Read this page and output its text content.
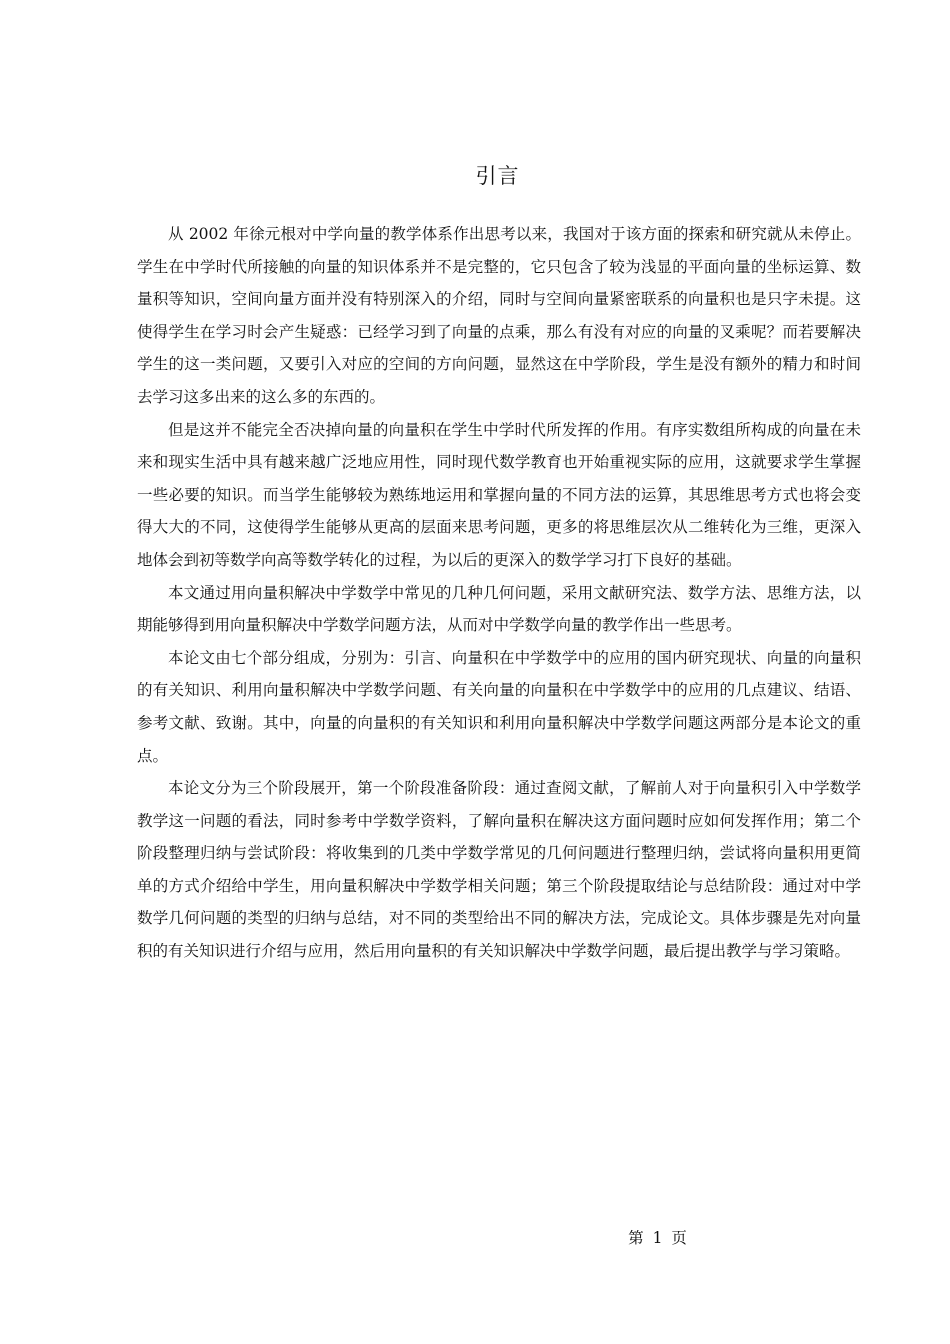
引言

从 2002 年徐元根对中学向量的教学体系作出思考以来，我国对于该方面的探索和研究就从未停止。学生在中学时代所接触的向量的知识体系并不是完整的，它只包含了较为浅显的平面向量的坐标运算、数量积等知识，空间向量方面并没有特别深入的介绍，同时与空间向量紧密联系的向量积也是只字未提。这使得学生在学习时会产生疑惑：已经学习到了向量的点乘，那么有没有对应的向量的叉乘呢？而若要解决学生的这一类问题，又要引入对应的空间的方向问题，显然这在中学阶段，学生是没有额外的精力和时间去学习这多出来的这么多的东西的。

但是这并不能完全否决掉向量的向量积在学生中学时代所发挥的作用。有序实数组所构成的向量在未来和现实生活中具有越来越广泛地应用性，同时现代数学教育也开始重视实际的应用，这就要求学生掌握一些必要的知识。而当学生能够较为熟练地运用和掌握向量的不同方法的运算，其思维思考方式也将会变得大大的不同，这使得学生能够从更高的层面来思考问题，更多的将思维层次从二维转化为三维，更深入地体会到初等数学向高等数学转化的过程，为以后的更深入的数学学习打下良好的基础。

本文通过用向量积解决中学数学中常见的几种几何问题，采用文献研究法、数学方法、思维方法，以期能够得到用向量积解决中学数学问题方法，从而对中学数学向量的教学作出一些思考。

本论文由七个部分组成，分别为：引言、向量积在中学数学中的应用的国内研究现状、向量的向量积的有关知识、利用向量积解决中学数学问题、有关向量的向量积在中学数学中的应用的几点建议、结语、参考文献、致谢。其中，向量的向量积的有关知识和利用向量积解决中学数学问题这两部分是本论文的重点。

本论文分为三个阶段展开，第一个阶段准备阶段：通过查阅文献，了解前人对于向量积引入中学数学教学这一问题的看法，同时参考中学数学资料，了解向量积在解决这方面问题时应如何发挥作用；第二个阶段整理归纳与尝试阶段：将收集到的几类中学数学常见的几何问题进行整理归纳，尝试将向量积用更简单的方式介绍给中学生，用向量积解决中学数学相关问题；第三个阶段提取结论与总结阶段：通过对中学数学几何问题的类型的归纳与总结，对不同的类型给出不同的解决方法，完成论文。具体步骤是先对向量积的有关知识进行介绍与应用，然后用向量积的有关知识解决中学数学问题，最后提出教学与学习策略。

第 1 页
